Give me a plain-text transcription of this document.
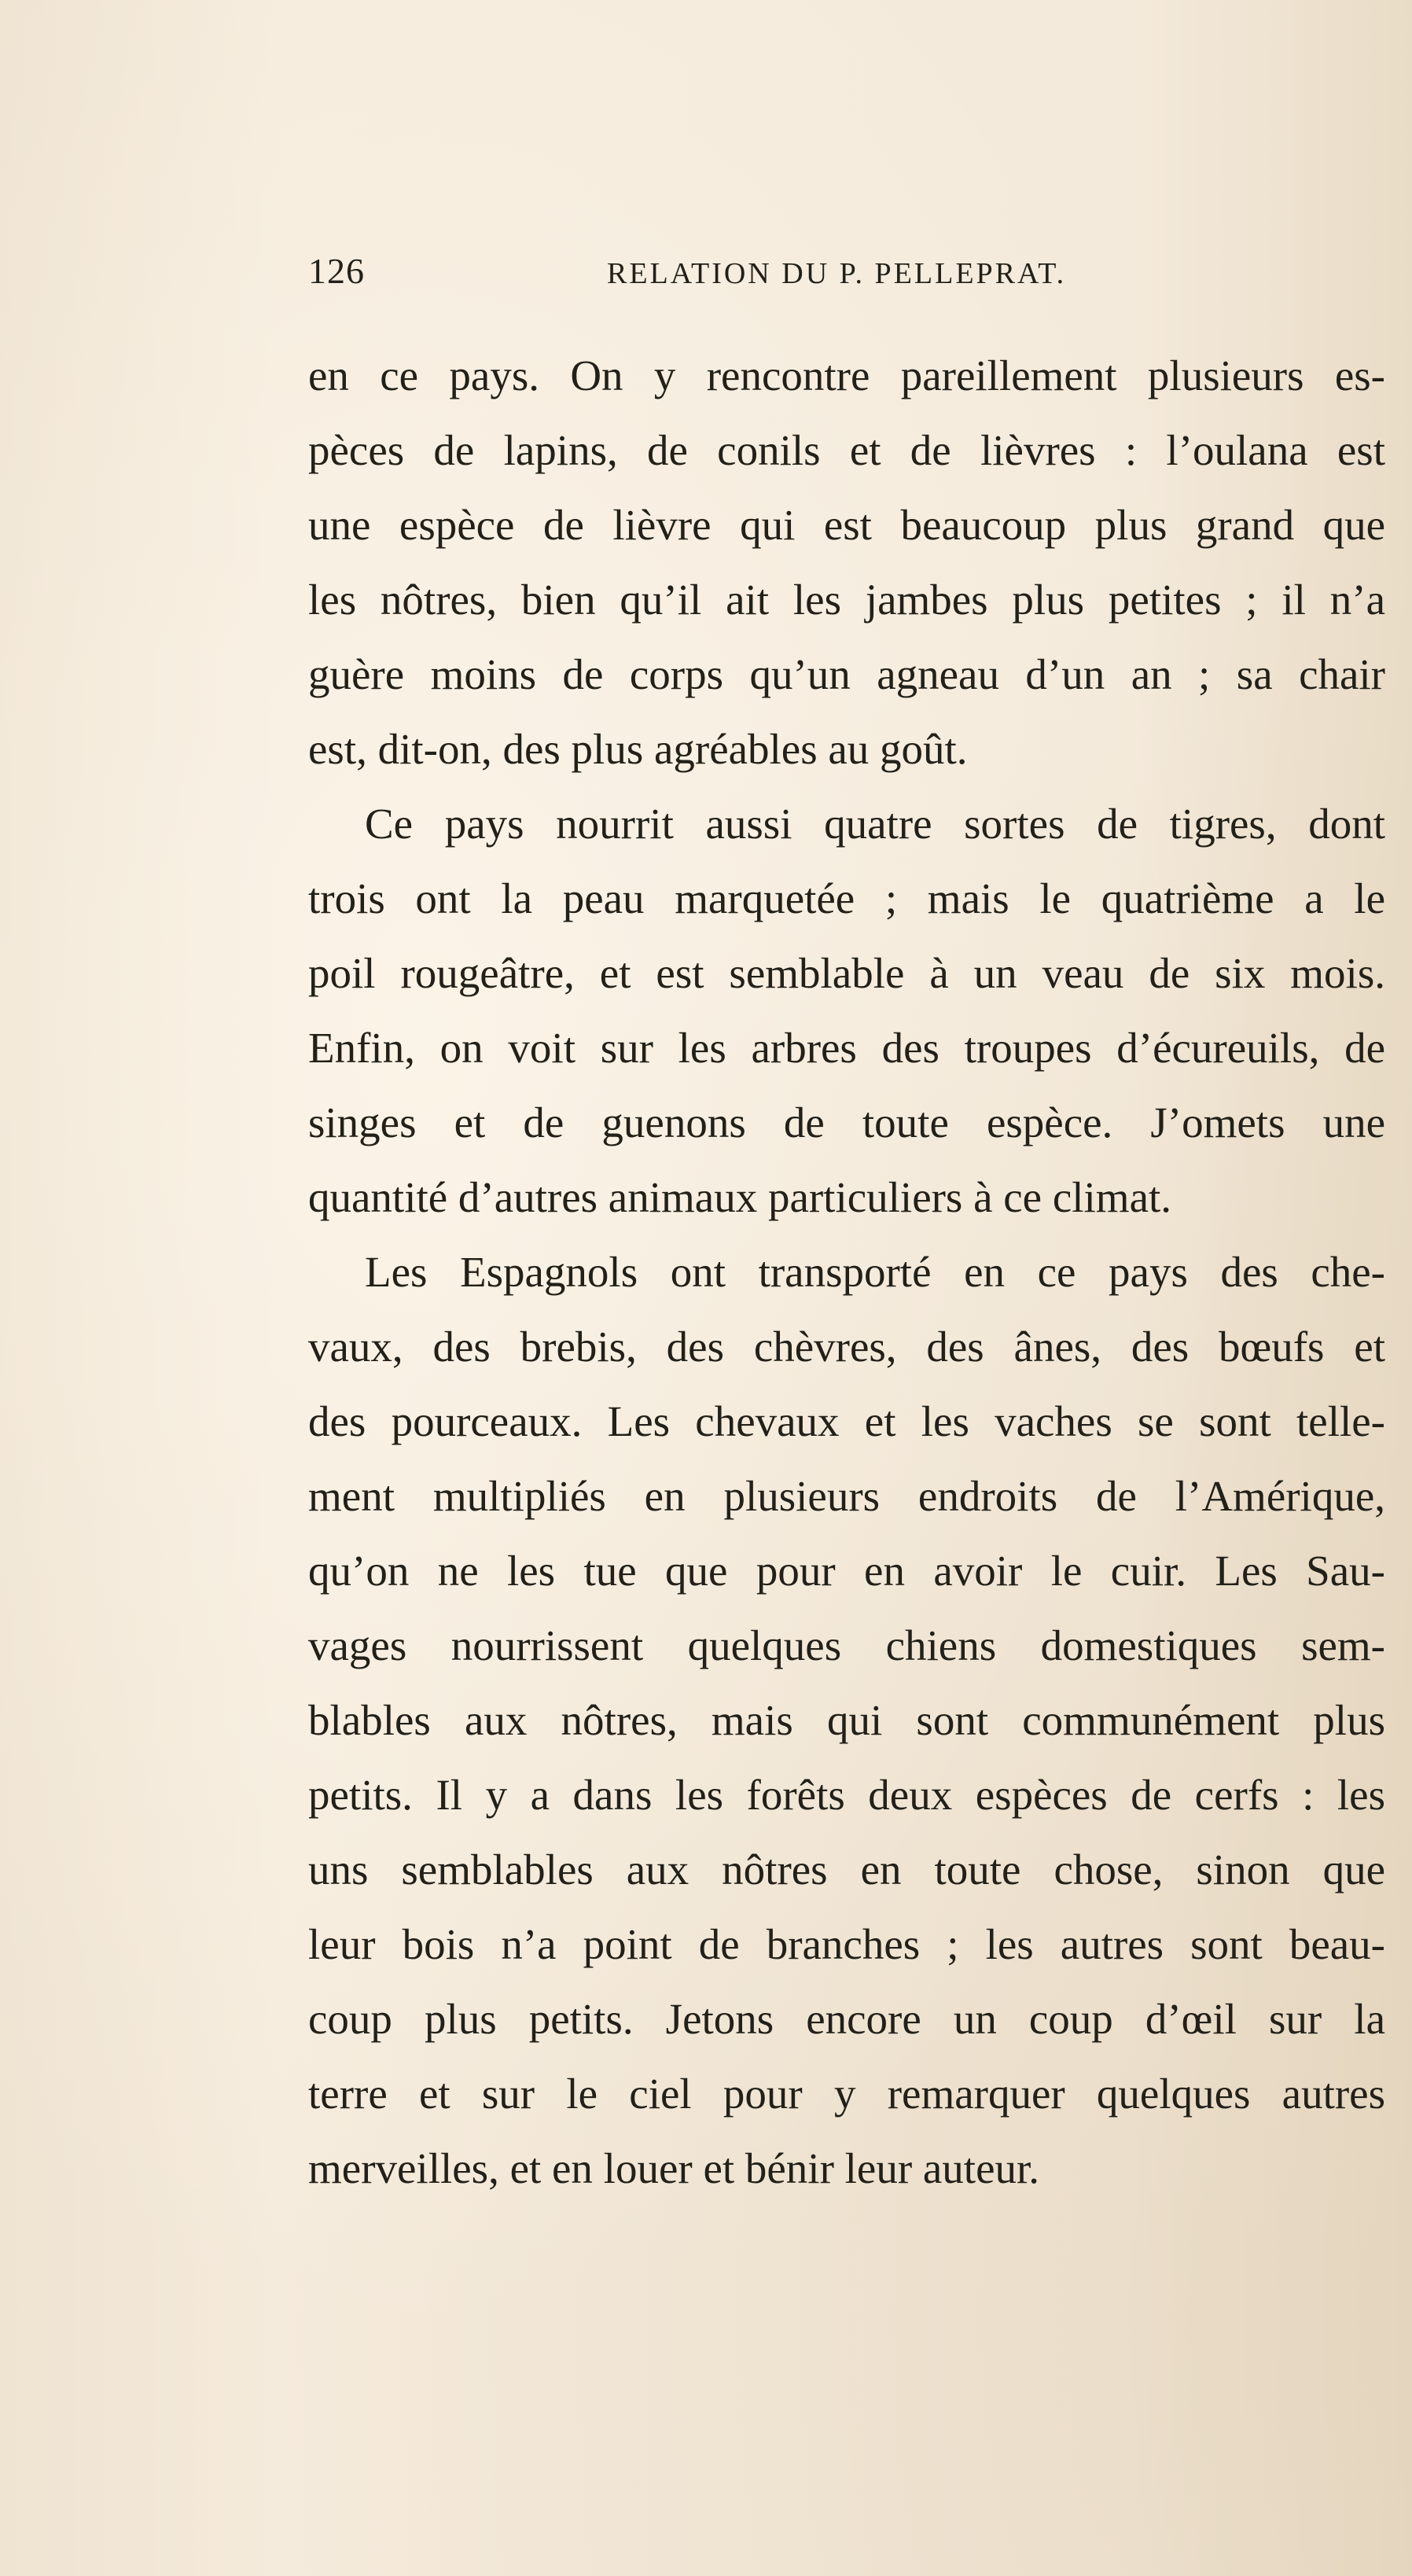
126	RELATION DU P. PELLEPRAT.
en ce pays. On y rencontre pareillement plusieurs es-
pèces de lapins, de conils et de lièvres : l’oulana est
une espèce de lièvre qui est beaucoup plus grand que
les nôtres, bien qu’il ait les jambes plus petites ; il n’a
guère moins de corps qu’un agneau d’un an ; sa chair
est, dit-on, des plus agréables au goût.
Ce pays nourrit aussi quatre sortes de tigres, dont
trois ont la peau marquetée ; mais le quatrième a le
poil rougeâtre, et est semblable à un veau de six mois.
Enfin, on voit sur les arbres des troupes d’écureuils, de
singes et de guenons de toute espèce. J’omets une
quantité d’autres animaux particuliers à ce climat.
Les Espagnols ont transporté en ce pays des che-
vaux, des brebis, des chèvres, des ânes, des bœufs et
des pourceaux. Les chevaux et les vaches se sont telle-
ment multipliés en plusieurs endroits de l’Amérique,
qu’on ne les tue que pour en avoir le cuir. Les Sau-
vages nourrissent quelques chiens domestiques sem-
blables aux nôtres, mais qui sont communément plus
petits. Il y a dans les forêts deux espèces de cerfs : les
uns semblables aux nôtres en toute chose, sinon que
leur bois n’a point de branches ; les autres sont beau-
coup plus petits. Jetons encore un coup d’œil sur la
terre et sur le ciel pour y remarquer quelques autres
merveilles, et en louer et bénir leur auteur.
